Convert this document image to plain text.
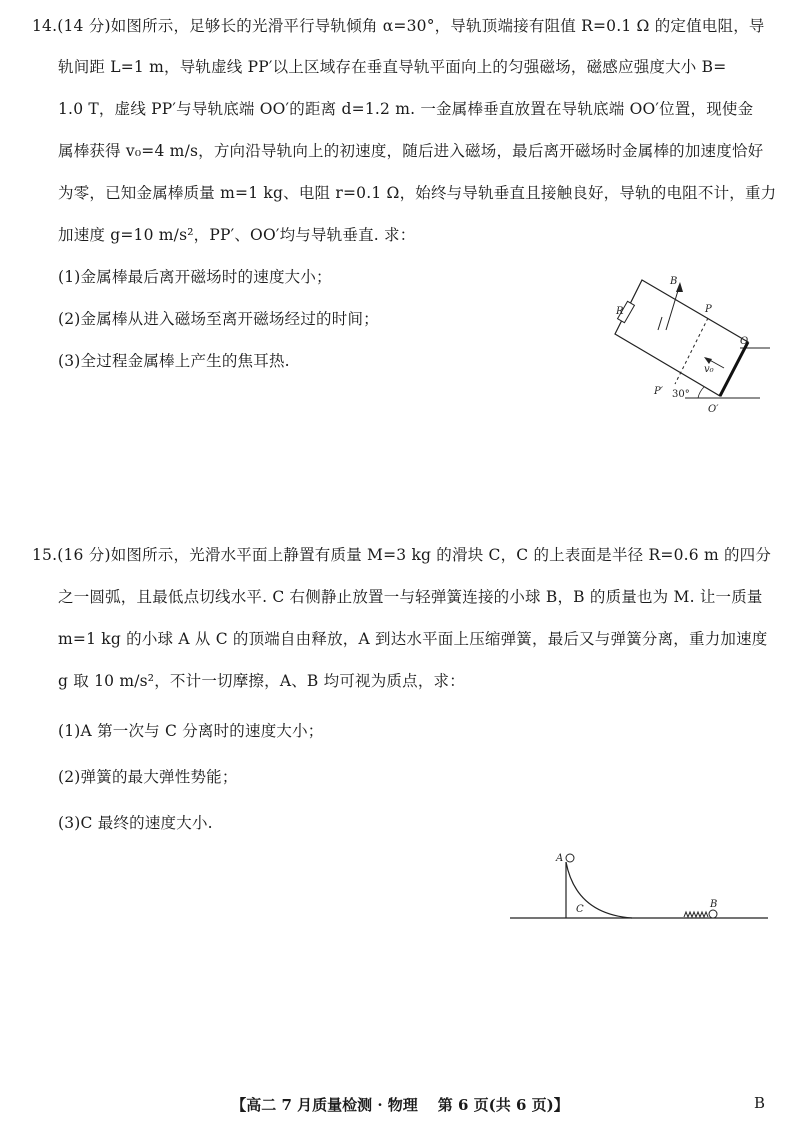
14.(14 分)如图所示，足够长的光滑平行导轨倾角 α=30°，导轨顶端接有阻值 R=0.1 Ω 的定值电阻，导
轨间距 L=1 m，导轨虚线 PP′以上区域存在垂直导轨平面向上的匀强磁场，磁感应强度大小 B=
1.0 T，虚线 PP′与导轨底端 OO′的距离 d=1.2 m. 一金属棒垂直放置在导轨底端 OO′位置，现使金
属棒获得 v₀=4 m/s，方向沿导轨向上的初速度，随后进入磁场，最后离开磁场时金属棒的加速度恰好
为零，已知金属棒质量 m=1 kg、电阻 r=0.1 Ω，始终与导轨垂直且接触良好，导轨的电阻不计，重力
加速度 g=10 m/s²，PP′、OO′均与导轨垂直. 求：
(1)金属棒最后离开磁场时的速度大小；
(2)金属棒从进入磁场至离开磁场经过的时间；
(3)全过程金属棒上产生的焦耳热.
B
R	P
O
P′
O′
v₀
30°
15.(16 分)如图所示，光滑水平面上静置有质量 M=3 kg 的滑块 C，C 的上表面是半径 R=0.6 m 的四分
之一圆弧，且最低点切线水平. C 右侧静止放置一与轻弹簧连接的小球 B，B 的质量也为 M. 让一质量
m=1 kg 的小球 A 从 C 的顶端自由释放，A 到达水平面上压缩弹簧，最后又与弹簧分离，重力加速度
g 取 10 m/s²，不计一切摩擦，A、B 均可视为质点，求：
(1)A 第一次与 C 分离时的速度大小；
(2)弹簧的最大弹性势能；
(3)C 最终的速度大小.
A
C	B
【高二 7 月质量检测 · 物理 第 6 页(共 6 页)】	B
